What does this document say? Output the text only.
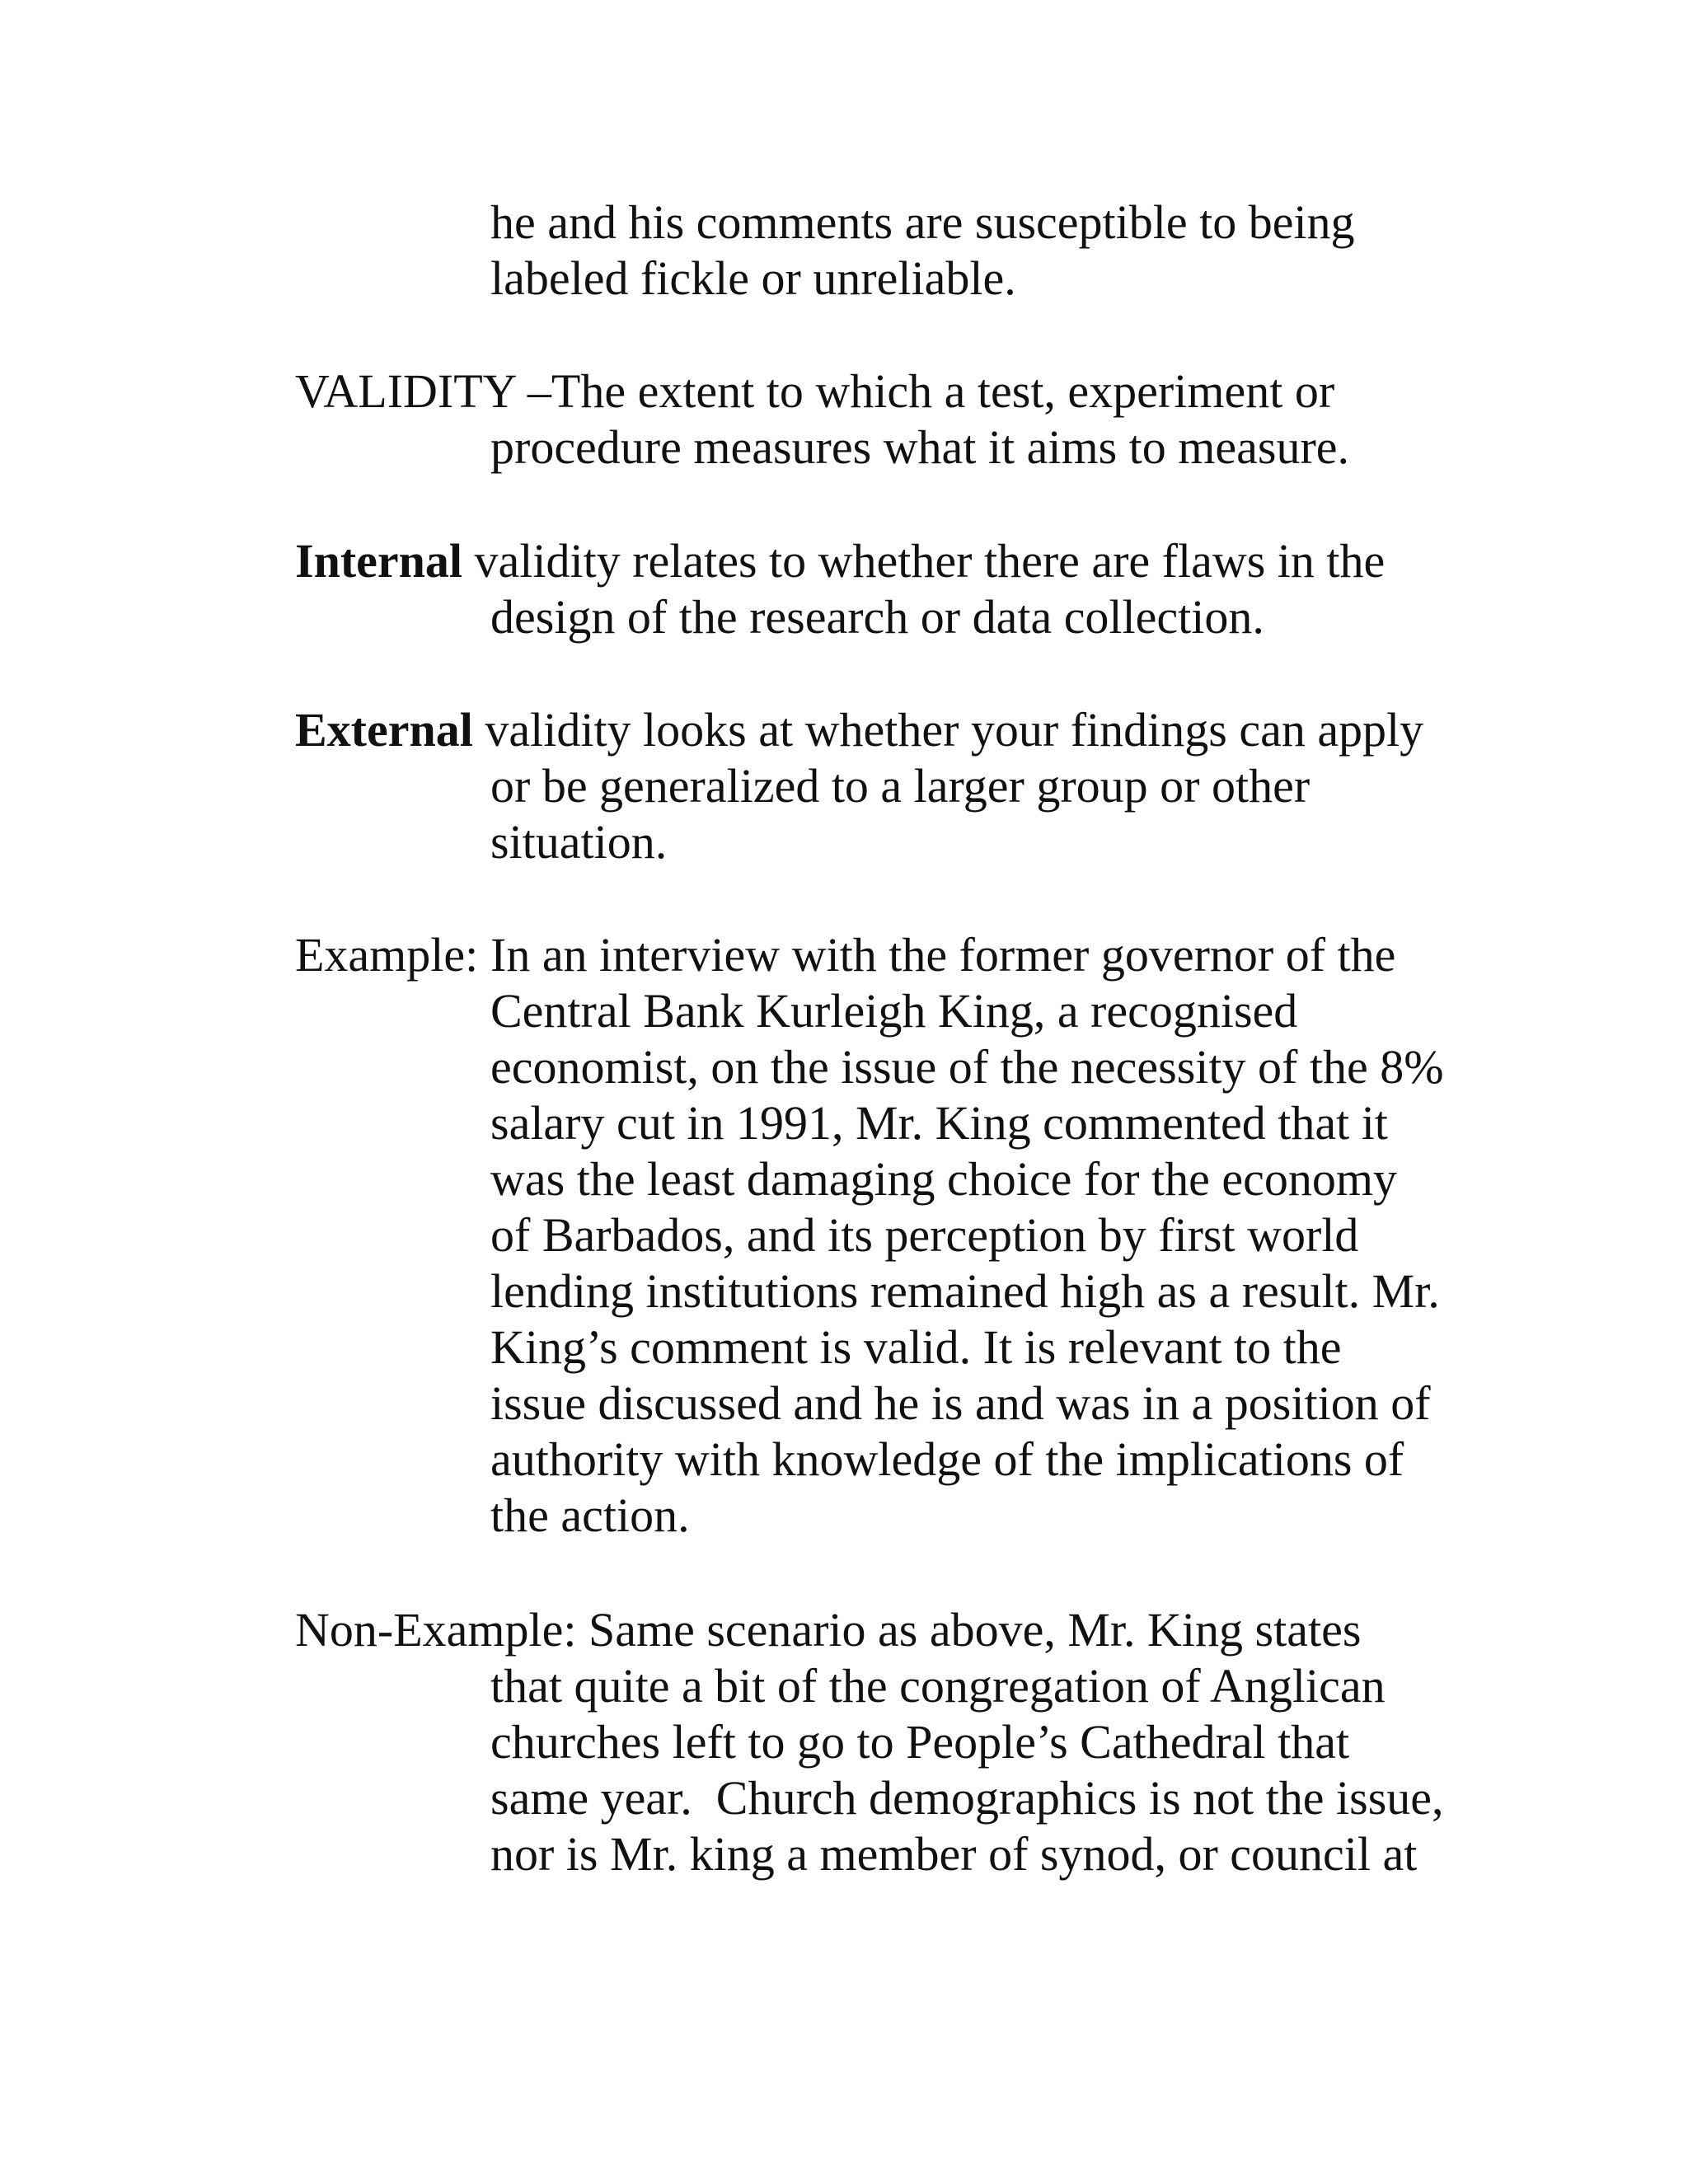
he and his comments are susceptible to being

labeled fickle or unreliable.

VALIDITY –The extent to which a test, experiment or

procedure measures what it aims to measure.

Internal validity relates to whether there are flaws in the

design of the research or data collection.

External validity looks at whether your findings can apply

or be generalized to a larger group or other

situation.

Example: In an interview with the former governor of the

Central Bank Kurleigh King, a recognised

economist, on the issue of the necessity of the 8%

salary cut in 1991, Mr. King commented that it

was the least damaging choice for the economy

of Barbados, and its perception by first world

lending institutions remained high as a result. Mr.

King’s comment is valid. It is relevant to the

issue discussed and he is and was in a position of

authority with knowledge of the implications of

the action.

Non-Example: Same scenario as above, Mr. King states

that quite a bit of the congregation of Anglican

churches left to go to People’s Cathedral that

same year.  Church demographics is not the issue,

nor is Mr. king a member of synod, or council at
